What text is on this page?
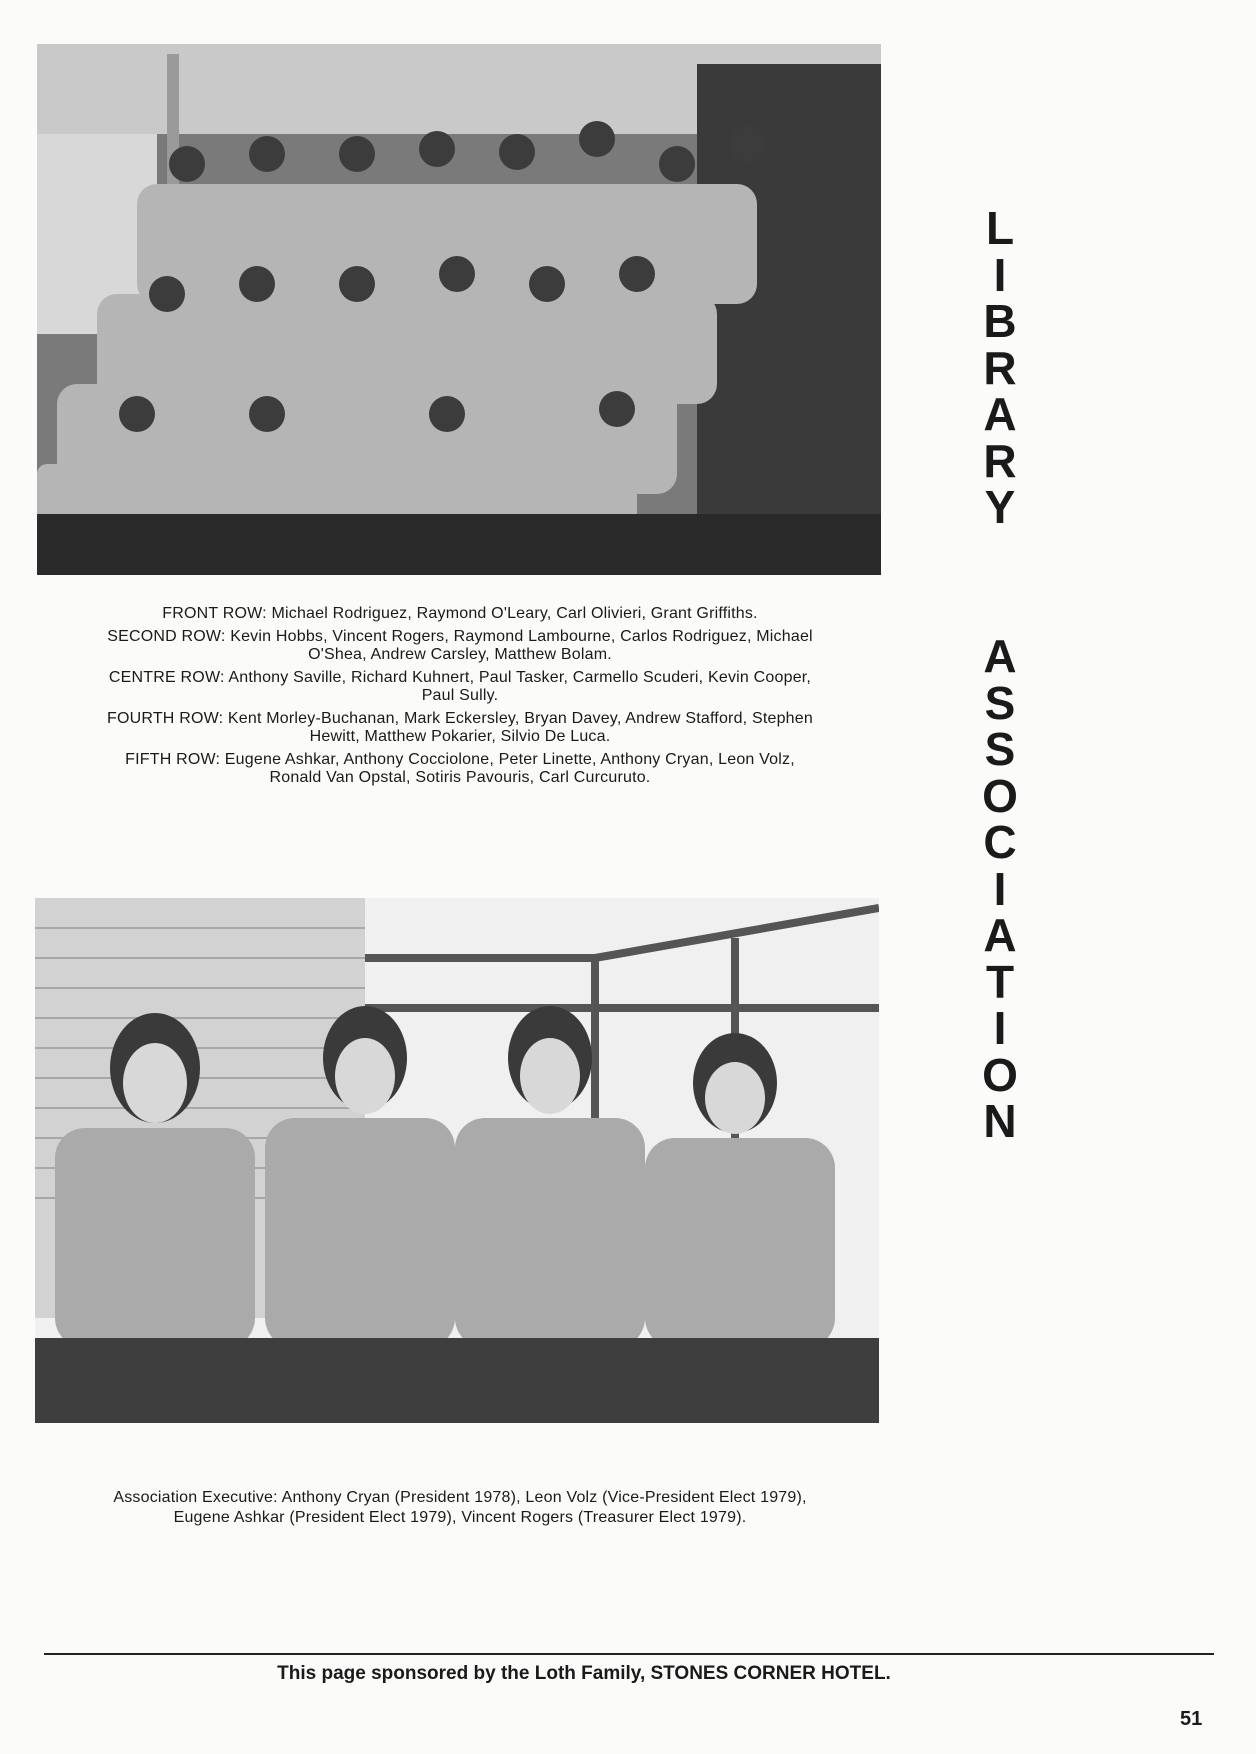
FRONT ROW: Michael Rodriguez, Raymond O'Leary, Carl Olivieri, Grant Griffiths.

SECOND ROW: Kevin Hobbs, Vincent Rogers, Raymond Lambourne, Carlos Rodriguez, Michael
O'Shea, Andrew Carsley, Matthew Bolam.

CENTRE ROW: Anthony Saville, Richard Kuhnert, Paul Tasker, Carmello Scuderi, Kevin Cooper,
Paul Sully.

FOURTH ROW: Kent Morley-Buchanan, Mark Eckersley, Bryan Davey, Andrew Stafford, Stephen
Hewitt, Matthew Pokarier, Silvio De Luca.

FIFTH ROW: Eugene Ashkar, Anthony Cocciolone, Peter Linette, Anthony Cryan, Leon Volz,
Ronald Van Opstal, Sotiris Pavouris, Carl Curcuruto.

Association Executive: Anthony Cryan (President 1978), Leon Volz (Vice-President Elect 1979),
Eugene Ashkar (President Elect 1979), Vincent Rogers (Treasurer Elect 1979).
L
I
B
R
A
R
Y
A
S
S
O
C
I
A
T
I
O
N
This page sponsored by the Loth Family, STONES CORNER HOTEL.
51
